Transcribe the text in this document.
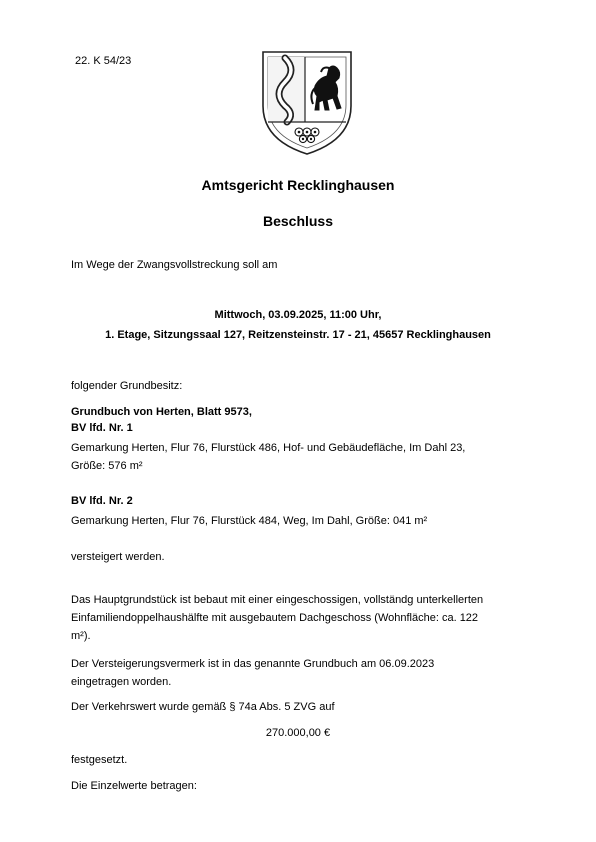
22. K 54/23
Amtsgericht Recklinghausen
Beschluss
Im Wege der Zwangsvollstreckung soll am
Mittwoch, 03.09.2025, 11:00 Uhr,
1. Etage, Sitzungssaal 127, Reitzensteinstr. 17 - 21, 45657 Recklinghausen
folgender Grundbesitz:
Grundbuch von Herten, Blatt 9573,
BV lfd. Nr. 1
Gemarkung Herten, Flur 76, Flurstück 486, Hof- und Gebäudefläche, Im Dahl 23,
Größe: 576 m²
BV lfd. Nr. 2
Gemarkung Herten, Flur 76, Flurstück 484, Weg, Im Dahl, Größe: 041 m²
versteigert werden.
Das Hauptgrundstück ist bebaut mit einer eingeschossigen, vollständg unterkellerten
Einfamiliendoppelhaushälfte mit ausgebautem Dachgeschoss (Wohnfläche: ca. 122
m²).
Der Versteigerungsvermerk ist in das genannte Grundbuch am 06.09.2023
eingetragen worden.
Der Verkehrswert wurde gemäß § 74a Abs. 5 ZVG auf
270.000,00 €
festgesetzt.
Die Einzelwerte betragen:
